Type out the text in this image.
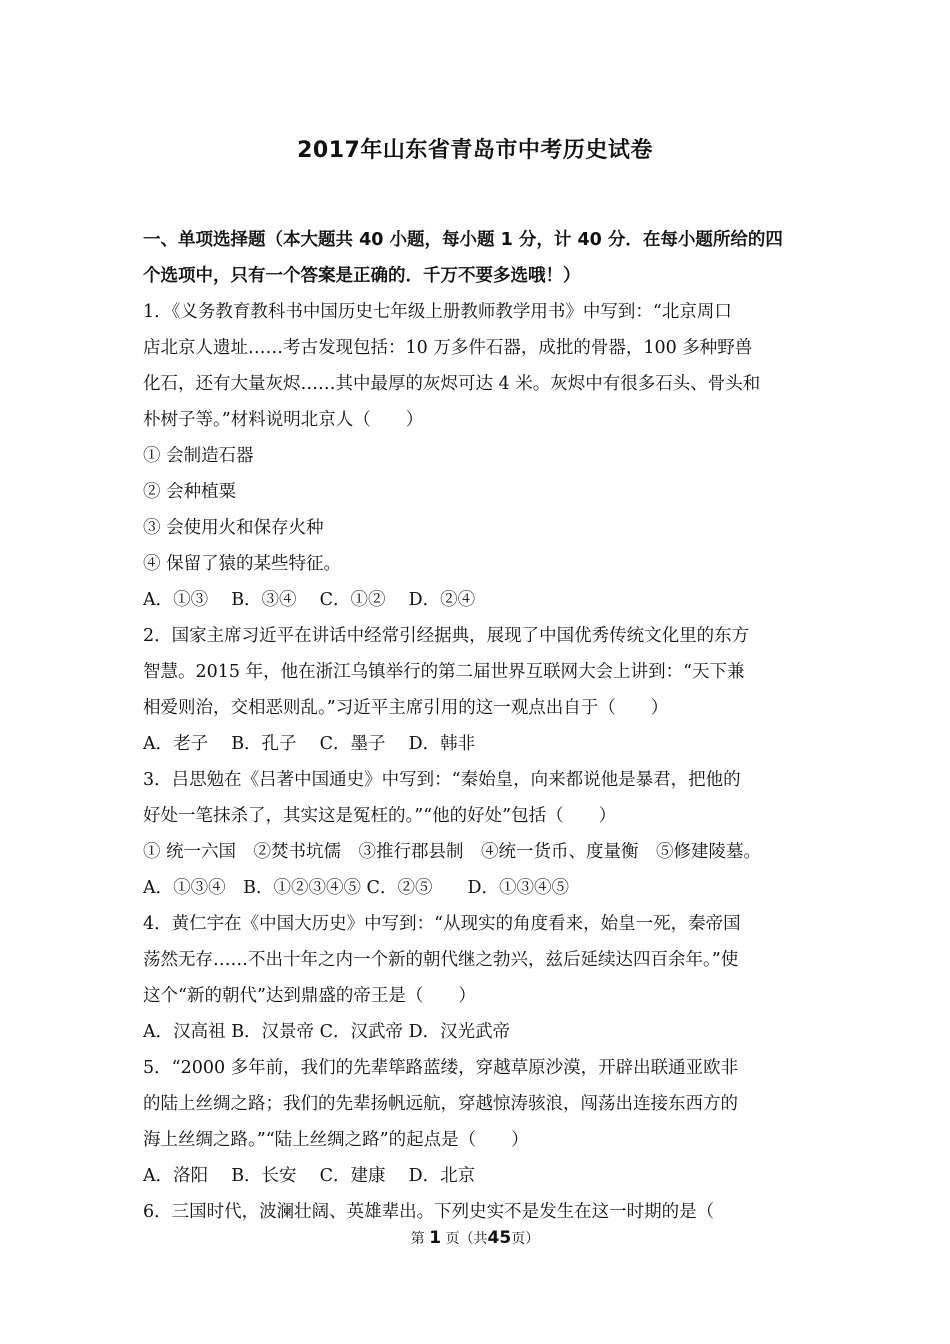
2017年山东省青岛市中考历史试卷
一、单项选择题（本大题共 40 小题，每小题 1 分，计 40 分．在每小题所给的四
个选项中，只有一个答案是正确的．千万不要多选哦！）
1．《义务教育教科书中国历史七年级上册教师教学用书》中写到：“北京周口
店北京人遗址……考古发现包括：10 万多件石器，成批的骨器，100 多种野兽
化石，还有大量灰烬……其中最厚的灰烬可达 4 米。灰烬中有很多石头、骨头和
朴树子等。”材料说明北京人（　　）
① 会制造石器
② 会种植粟
③ 会使用火和保存火种
④ 保留了猿的某些特征。
A．①③　 B．③④　 C．①②　 D．②④
2．国家主席习近平在讲话中经常引经据典，展现了中国优秀传统文化里的东方
智慧。2015 年，他在浙江乌镇举行的第二届世界互联网大会上讲到：“天下兼
相爱则治，交相恶则乱。”习近平主席引用的这一观点出自于（　　）
A．老子　 B．孔子　 C．墨子　 D．韩非
3．吕思勉在《吕著中国通史》中写到：“秦始皇，向来都说他是暴君，把他的
好处一笔抹杀了，其实这是冤枉的。”“他的好处”包括（　　）
① 统一六国　②焚书坑儒　③推行郡县制　④统一货币、度量衡　⑤修建陵墓。
A．①③④　B．①②③④⑤ C．②⑤　　D．①③④⑤
4．黄仁宇在《中国大历史》中写到：“从现实的角度看来，始皇一死，秦帝国
荡然无存……不出十年之内一个新的朝代继之勃兴，兹后延续达四百余年。”使
这个“新的朝代”达到鼎盛的帝王是（　　）
A．汉高祖 B．汉景帝 C．汉武帝 D．汉光武帝
5．“2000 多年前，我们的先辈筚路蓝缕，穿越草原沙漠，开辟出联通亚欧非
的陆上丝绸之路；我们的先辈扬帆远航，穿越惊涛骇浪，闯荡出连接东西方的
海上丝绸之路。”“陆上丝绸之路”的起点是（　　）
A．洛阳　 B．长安　 C．建康　 D．北京
6．三国时代，波澜壮阔、英雄辈出。下列史实不是发生在这一时期的是（
第 1 页（共45页）
